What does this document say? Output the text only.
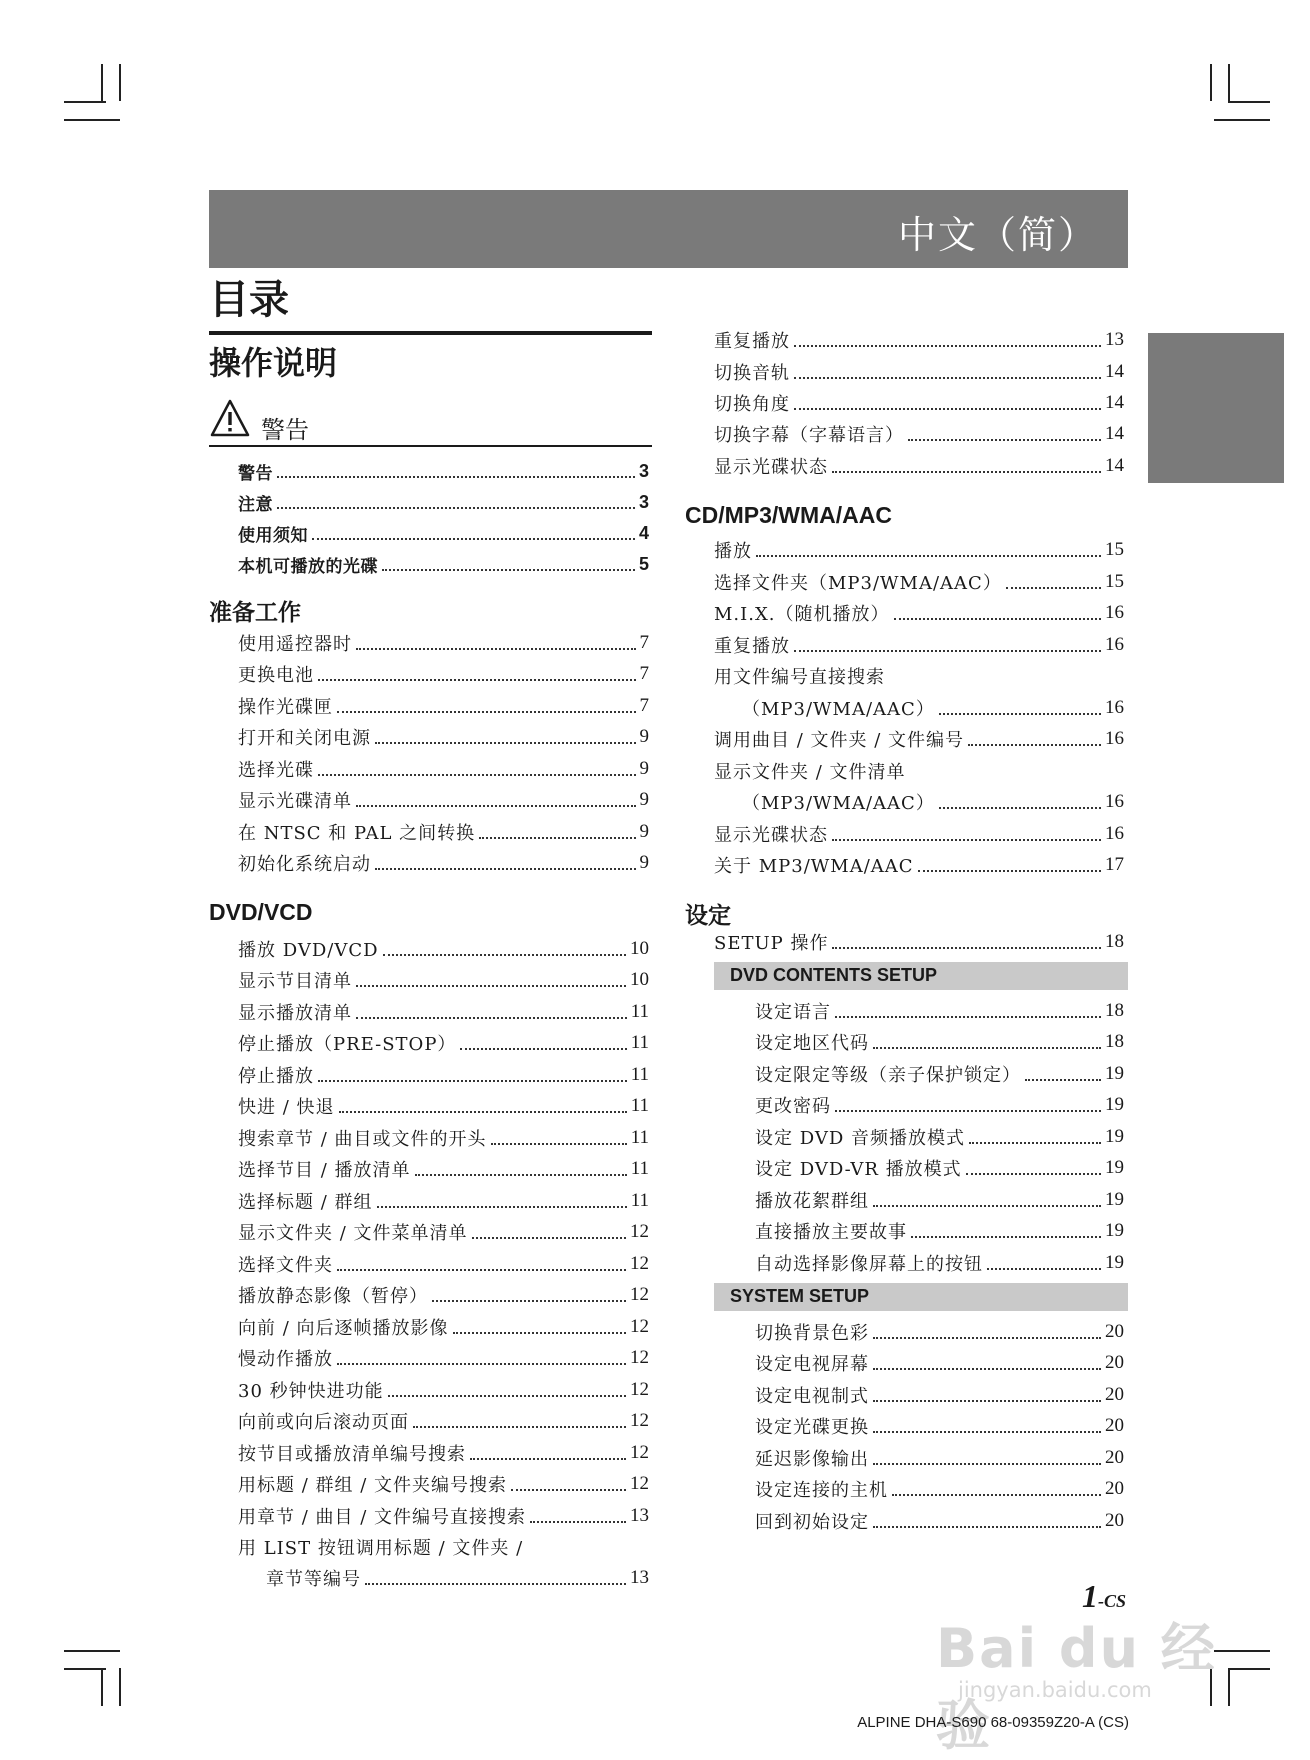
中文（简）
目录
操作说明
警告
警告	3
注意	3
使用须知	4
本机可播放的光碟	5
准备工作
使用遥控器时	7
更换电池	7
操作光碟匣	7
打开和关闭电源	9
选择光碟	9
显示光碟清单	9
在 NTSC 和 PAL 之间转换	9
初始化系统启动	9
DVD/VCD
播放 DVD/VCD	10
显示节目清单	10
显示播放清单	11
停止播放（PRE-STOP）	11
停止播放	11
快进 / 快退	11
搜索章节 / 曲目或文件的开头	11
选择节目 / 播放清单	11
选择标题 / 群组	11
显示文件夹 / 文件菜单清单	12
选择文件夹	12
播放静态影像（暂停）	12
向前 / 向后逐帧播放影像	12
慢动作播放	12
30 秒钟快进功能	12
向前或向后滚动页面	12
按节目或播放清单编号搜索	12
用标题 / 群组 / 文件夹编号搜索	12
用章节 / 曲目 / 文件编号直接搜索	13
用 LIST 按钮调用标题 / 文件夹 /
章节等编号	13
重复播放	13
切换音轨	14
切换角度	14
切换字幕（字幕语言）	14
显示光碟状态	14
CD/MP3/WMA/AAC
播放	15
选择文件夹（MP3/WMA/AAC）	15
M.I.X.（随机播放）	16
重复播放	16
用文件编号直接搜索
（MP3/WMA/AAC）	16
调用曲目 / 文件夹 / 文件编号	16
显示文件夹 / 文件清单
（MP3/WMA/AAC）	16
显示光碟状态	16
关于 MP3/WMA/AAC	17
设定
SETUP 操作	18
DVD CONTENTS SETUP
设定语言	18
设定地区代码	18
设定限定等级（亲子保护锁定）	19
更改密码	19
设定 DVD 音频播放模式	19
设定 DVD-VR 播放模式	19
播放花絮群组	19
直接播放主要故事	19
自动选择影像屏幕上的按钮	19
SYSTEM SETUP
切换背景色彩	20
设定电视屏幕	20
设定电视制式	20
设定光碟更换	20
延迟影像输出	20
设定连接的主机	20
回到初始设定	20
Bai du 经验
jingyan.baidu.com
1-CS
ALPINE DHA-S690 68-09359Z20-A (CS)
